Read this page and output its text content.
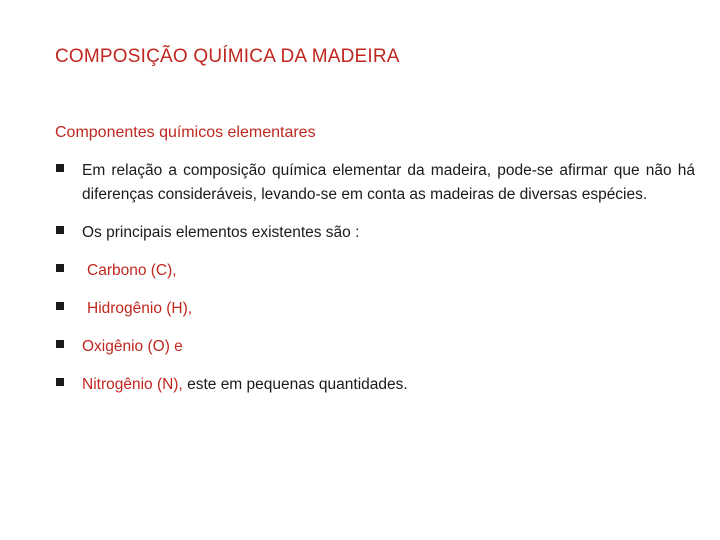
COMPOSIÇÃO QUÍMICA DA MADEIRA
Componentes químicos elementares
Em relação a composição química elementar da madeira, pode-se afirmar que não há diferenças consideráveis, levando-se em conta as madeiras de diversas espécies.
Os principais elementos existentes são :
Carbono (C),
Hidrogênio (H),
Oxigênio (O) e
Nitrogênio (N), este em pequenas quantidades.
